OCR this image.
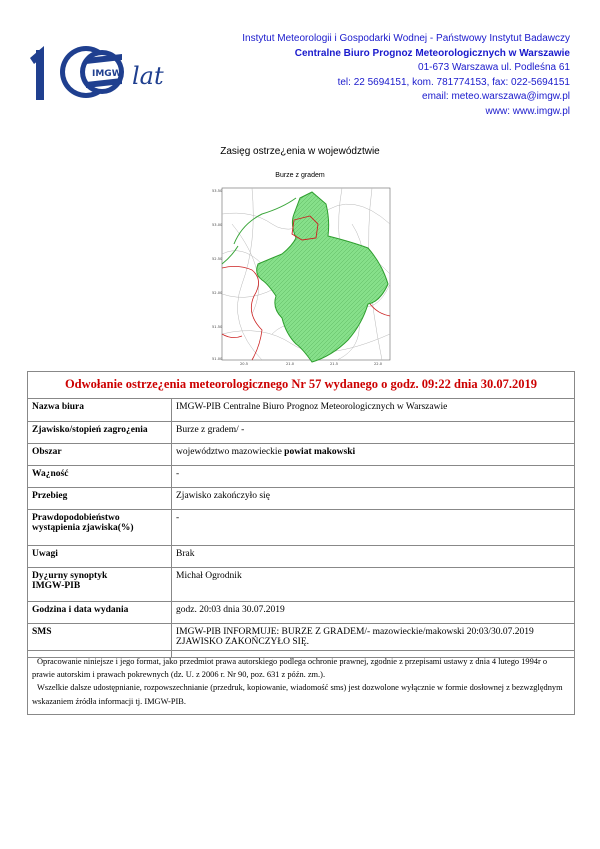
IMGW lat
Instytut Meteorologii i Gospodarki Wodnej - Państwowy Instytut Badawczy
Centralne Biuro Prognoz Meteorologicznych w Warszawie
01-673 Warszawa ul. Podleśna 61
tel: 22 5694151, kom. 781774153, fax: 022-5694151
email: meteo.warszawa@imgw.pl
www: www.imgw.pl
Zasięg ostrze¿enia w województwie
Burze z gradem
53.50
53.00
52.50
52.00
51.50
51.00
20.5	21.0	21.5	22.0
Odwołanie ostrze¿enia meteorologicznego Nr 57 wydanego o godz. 09:22 dnia 30.07.2019
Nazwa biura	IMGW-PIB Centralne Biuro Prognoz Meteorologicznych w Warszawie
Zjawisko/stopień zagro¿enia	Burze z gradem/ -
Obszar	województwo mazowieckie powiat makowski
Wa¿ność	-
Przebieg	Zjawisko zakończyło się

Prawdopodobieństwo
wystąpienia zjawiska(%)	-
Uwagi	Brak

Dy¿urny synoptyk
IMGW-PIB	Michał Ogrodnik
Godzina i data wydania	godz. 20:03 dnia 30.07.2019
SMS	IMGW-PIB INFORMUJE: BURZE Z GRADEM/- mazowieckie/makowski 20:03/30.07.2019
ZJAWISKO ZAKOŃCZYŁO SIĘ.

Opracowanie niniejsze i jego format, jako przedmiot prawa autorskiego podlega ochronie prawnej, zgodnie z przepisami ustawy z dnia 4 lutego 1994r o prawie autorskim i prawach pokrewnych (dz. U. z 2006 r. Nr 90, poz. 631 z późn. zm.).

Wszelkie dalsze udostępnianie, rozpowszechnianie (przedruk, kopiowanie, wiadomość sms) jest dozwolone wyłącznie w formie dosłownej z bezwzględnym wskazaniem źródła informacji tj. IMGW-PIB.
